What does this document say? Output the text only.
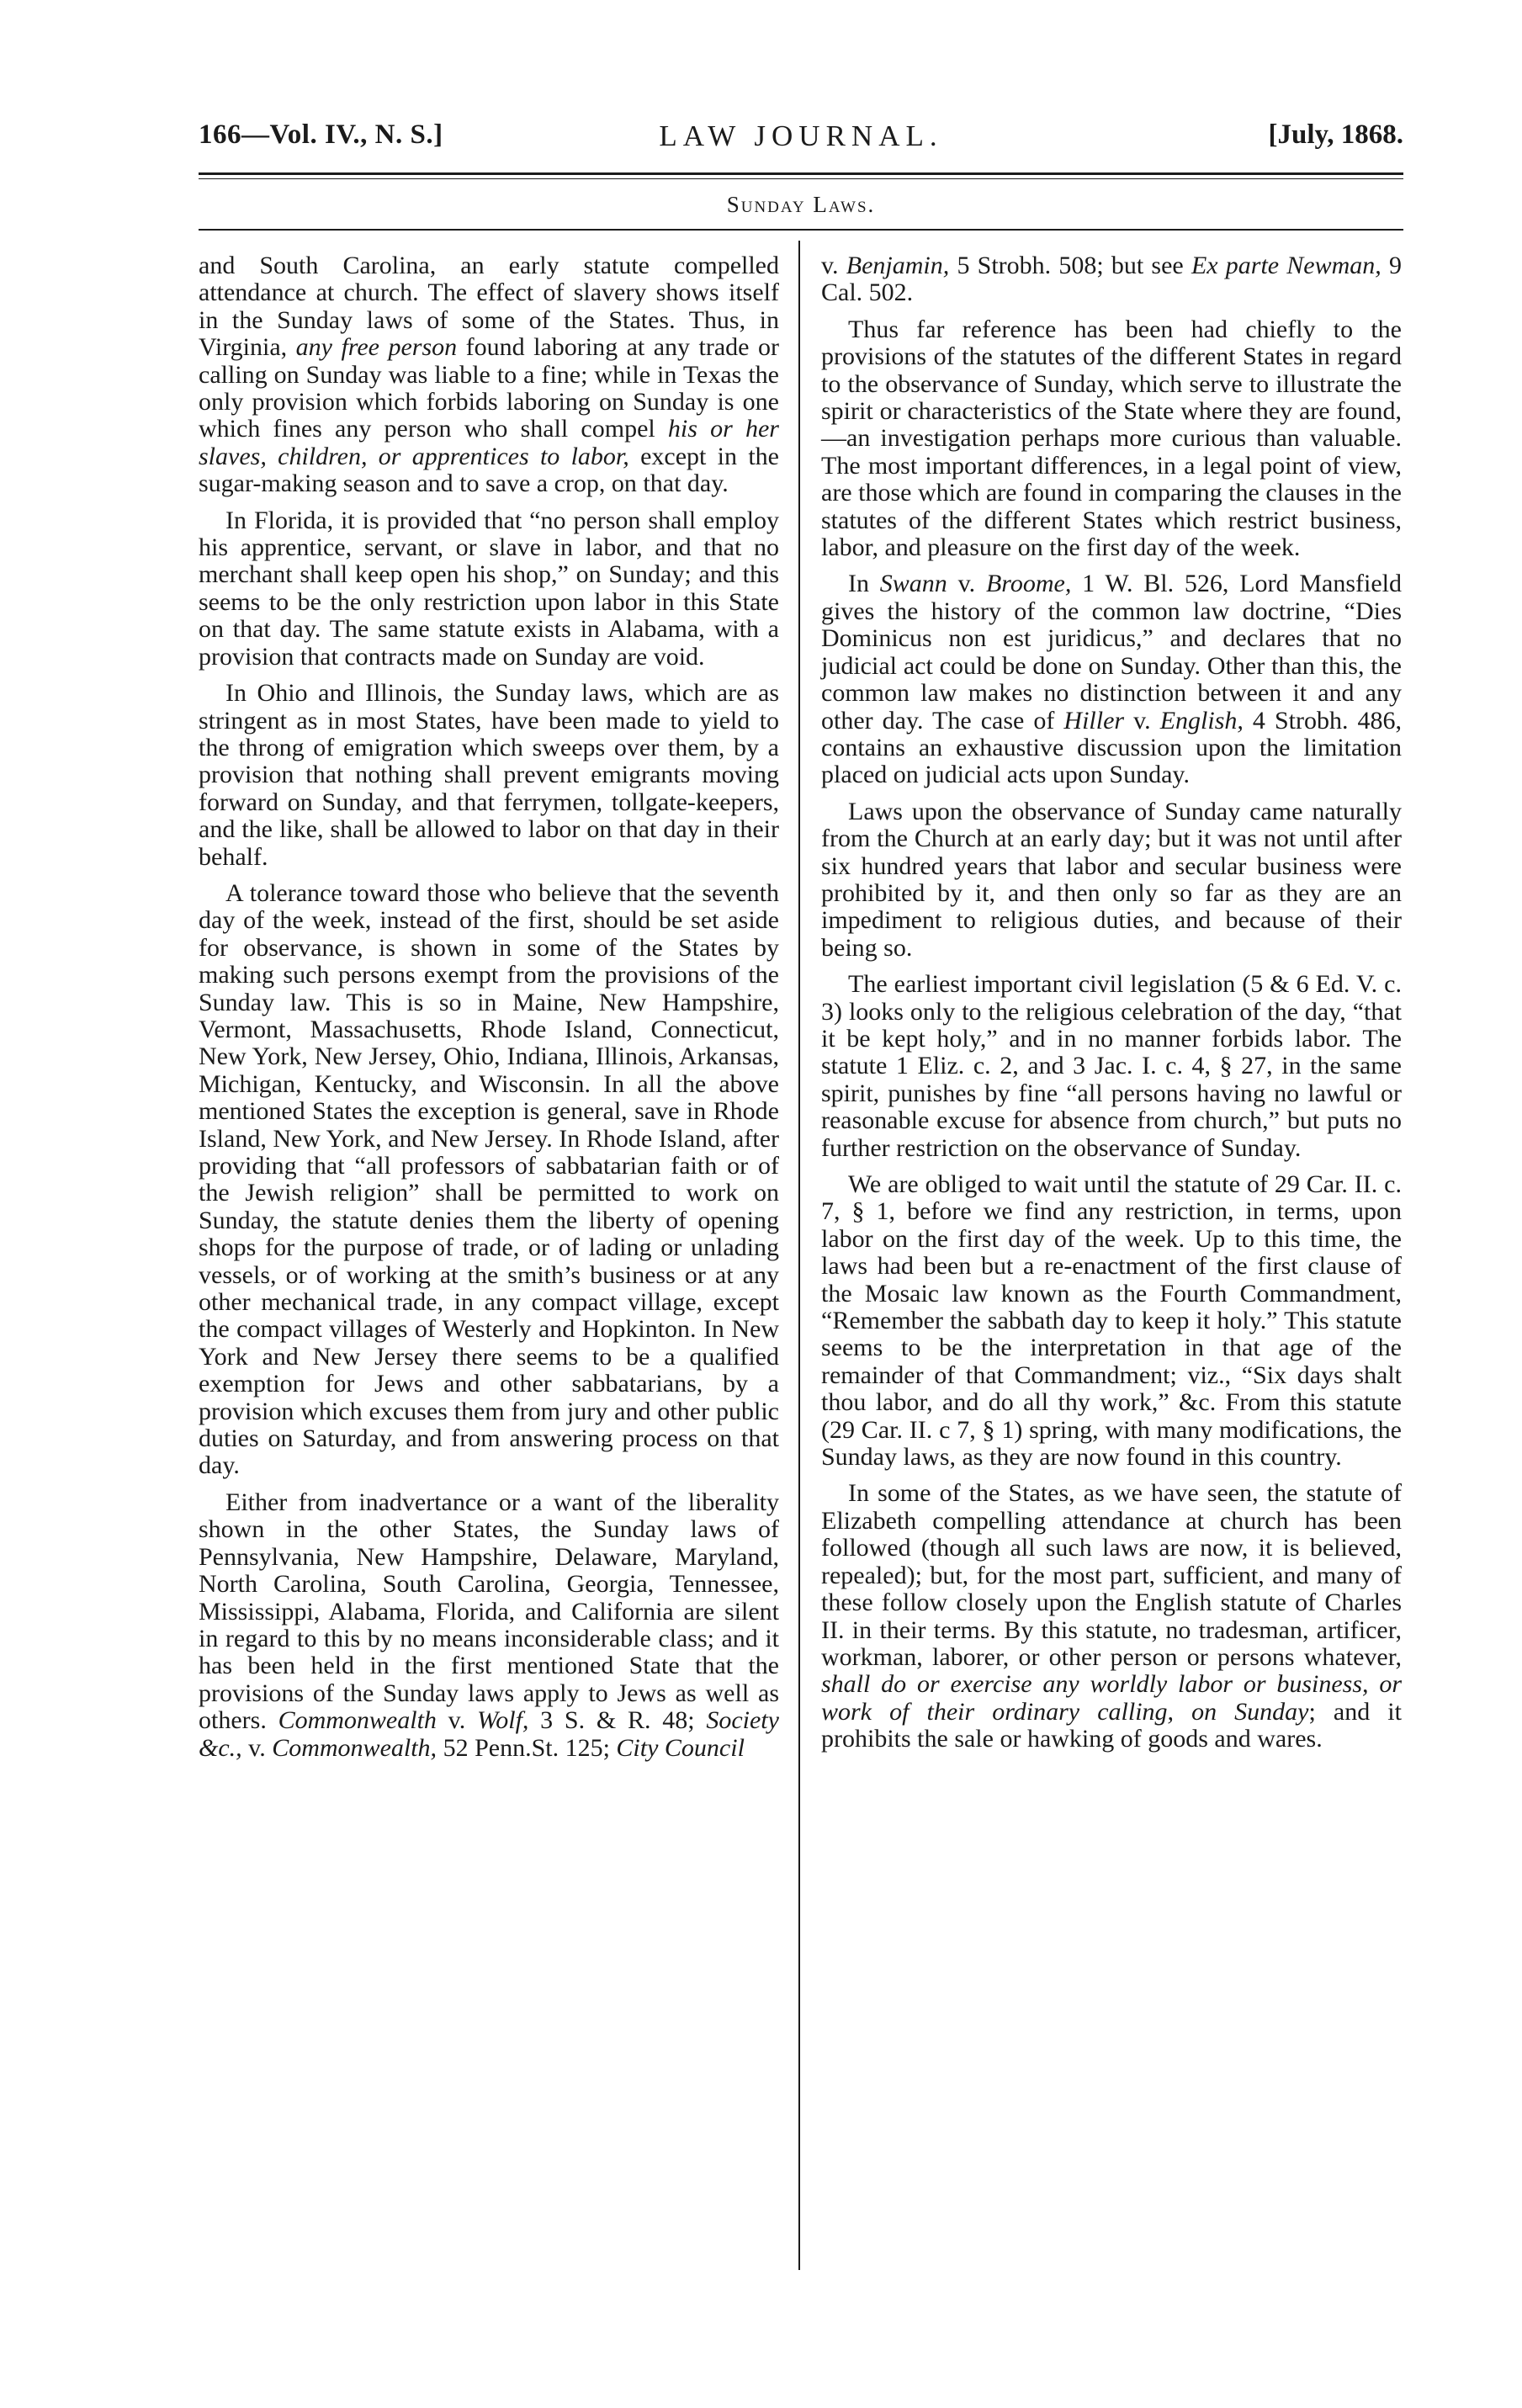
166—Vol. IV., N. S.]	LAW JOURNAL.	[July, 1868.
Sunday Laws.

and South Carolina, an early statute compelled attendance at church. The effect of slavery shows itself in the Sunday laws of some of the States. Thus, in Virginia, any free person found laboring at any trade or calling on Sunday was liable to a fine; while in Texas the only provision which forbids laboring on Sunday is one which fines any person who shall compel his or her slaves, children, or apprentices to labor, except in the sugar-making season and to save a crop, on that day.

In Florida, it is provided that “no person shall employ his apprentice, servant, or slave in labor, and that no merchant shall keep open his shop,” on Sunday; and this seems to be the only restriction upon labor in this State on that day. The same statute exists in Alabama, with a provision that contracts made on Sunday are void.

In Ohio and Illinois, the Sunday laws, which are as stringent as in most States, have been made to yield to the throng of emigration which sweeps over them, by a provision that nothing shall prevent emigrants moving forward on Sunday, and that ferrymen, tollgate-keepers, and the like, shall be allowed to labor on that day in their behalf.

A tolerance toward those who believe that the seventh day of the week, instead of the first, should be set aside for observance, is shown in some of the States by making such persons exempt from the provisions of the Sunday law. This is so in Maine, New Hampshire, Vermont, Massachusetts, Rhode Island, Connecticut, New York, New Jersey, Ohio, Indiana, Illinois, Arkansas, Michigan, Kentucky, and Wisconsin. In all the above mentioned States the exception is general, save in Rhode Island, New York, and New Jersey. In Rhode Island, after providing that “all professors of sabbatarian faith or of the Jewish religion” shall be permitted to work on Sunday, the statute denies them the liberty of opening shops for the purpose of trade, or of lading or unlading vessels, or of working at the smith’s business or at any other mechanical trade, in any compact village, except the compact villages of Westerly and Hopkinton. In New York and New Jersey there seems to be a qualified exemption for Jews and other sabbatarians, by a provision which excuses them from jury and other public duties on Saturday, and from answering process on that day.

Either from inadvertance or a want of the liberality shown in the other States, the Sunday laws of Pennsylvania, New Hampshire, Delaware, Maryland, North Carolina, South Carolina, Georgia, Tennessee, Mississippi, Alabama, Florida, and California are silent in regard to this by no means inconsiderable class; and it has been held in the first mentioned State that the provisions of the Sunday laws apply to Jews as well as others. Commonwealth v. Wolf, 3 S. & R. 48; Society &c., v. Commonwealth, 52 Penn.St. 125; City Council

v. Benjamin, 5 Strobh. 508; but see Ex parte Newman, 9 Cal. 502.

Thus far reference has been had chiefly to the provisions of the statutes of the different States in regard to the observance of Sunday, which serve to illustrate the spirit or characteristics of the State where they are found,—an investigation perhaps more curious than valuable. The most important differences, in a legal point of view, are those which are found in comparing the clauses in the statutes of the different States which restrict business, labor, and pleasure on the first day of the week.

In Swann v. Broome, 1 W. Bl. 526, Lord Mansfield gives the history of the common law doctrine, “Dies Dominicus non est juridicus,” and declares that no judicial act could be done on Sunday. Other than this, the common law makes no distinction between it and any other day. The case of Hiller v. English, 4 Strobh. 486, contains an exhaustive discussion upon the limitation placed on judicial acts upon Sunday.

Laws upon the observance of Sunday came naturally from the Church at an early day; but it was not until after six hundred years that labor and secular business were prohibited by it, and then only so far as they are an impediment to religious duties, and because of their being so.

The earliest important civil legislation (5 & 6 Ed. V. c. 3) looks only to the religious celebration of the day, “that it be kept holy,” and in no manner forbids labor. The statute 1 Eliz. c. 2, and 3 Jac. I. c. 4, § 27, in the same spirit, punishes by fine “all persons having no lawful or reasonable excuse for absence from church,” but puts no further restriction on the observance of Sunday.

We are obliged to wait until the statute of 29 Car. II. c. 7, § 1, before we find any restriction, in terms, upon labor on the first day of the week. Up to this time, the laws had been but a re-enactment of the first clause of the Mosaic law known as the Fourth Commandment, “Remember the sabbath day to keep it holy.” This statute seems to be the interpretation in that age of the remainder of that Commandment; viz., “Six days shalt thou labor, and do all thy work,” &c. From this statute (29 Car. II. c 7, § 1) spring, with many modifications, the Sunday laws, as they are now found in this country.

In some of the States, as we have seen, the statute of Elizabeth compelling attendance at church has been followed (though all such laws are now, it is believed, repealed); but, for the most part, sufficient, and many of these follow closely upon the English statute of Charles II. in their terms. By this statute, no tradesman, artificer, workman, laborer, or other person or persons whatever, shall do or exercise any worldly labor or business, or work of their ordinary calling, on Sunday; and it prohibits the sale or hawking of goods and wares.
